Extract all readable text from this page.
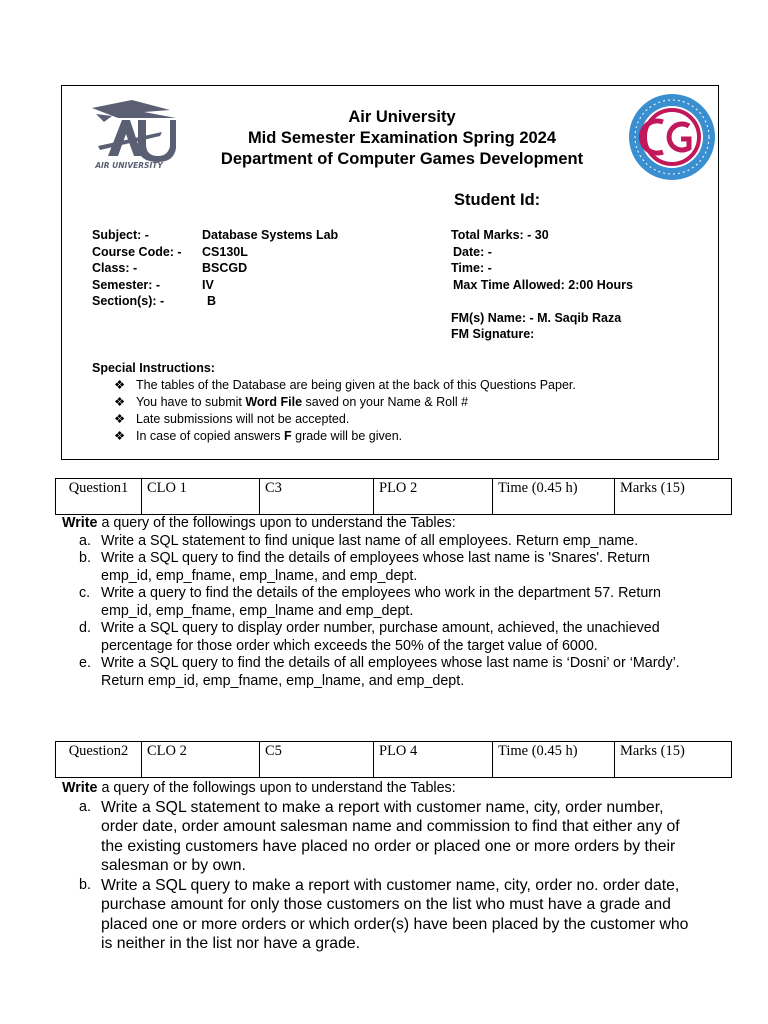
AIR UNIVERSITY
Air University
Mid Semester Examination Spring 2024
Department of Computer Games Development
Student Id:
Subject: -	Database Systems Lab
Course Code: - CS130L
Class: -	BSCGD
Semester: -	IV
Section(s): -	B
Total Marks: - 30
Date: -
Time: -
Max Time Allowed: 2:00 Hours
FM(s) Name: - M. Saqib Raza
FM Signature:
Special Instructions:
❖ The tables of the Database are being given at the back of this Questions Paper.
❖ You have to submit Word File saved on your Name & Roll #
❖ Late submissions will not be accepted.
❖ In case of copied answers F grade will be given.
Question1	CLO 1	C3	PLO 2	Time (0.45 h)	Marks (15)
Write a query of the followings upon to understand the Tables:
a. Write a SQL statement to find unique last name of all employees. Return emp_name.
b. Write a SQL query to find the details of employees whose last name is 'Snares'. Return emp_id, emp_fname, emp_lname, and emp_dept.
c. Write a query to find the details of the employees who work in the department 57. Return emp_id, emp_fname, emp_lname and emp_dept.
d. Write a SQL query to display order number, purchase amount, achieved, the unachieved percentage for those order which exceeds the 50% of the target value of 6000.
e. Write a SQL query to find the details of all employees whose last name is ‘Dosni’ or ‘Mardy’. Return emp_id, emp_fname, emp_lname, and emp_dept.
Question2	CLO 2	C5	PLO 4	Time (0.45 h)	Marks (15)
Write a query of the followings upon to understand the Tables:
a. Write a SQL statement to make a report with customer name, city, order number, order date, order amount salesman name and commission to find that either any of the existing customers have placed no order or placed one or more orders by their salesman or by own.
b. Write a SQL query to make a report with customer name, city, order no. order date, purchase amount for only those customers on the list who must have a grade and placed one or more orders or which order(s) have been placed by the customer who is neither in the list nor have a grade.
